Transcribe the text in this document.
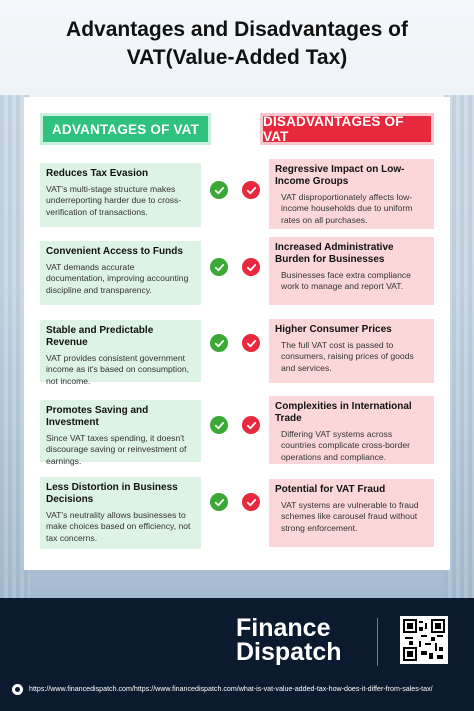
Advantages and Disadvantages of
VAT(Value-Added Tax)
ADVANTAGES OF VAT	DISADVANTAGES OF VAT
Reduces Tax Evasion
VAT's multi-stage structure makes underreporting harder due to cross-verification of transactions.
Regressive Impact on Low-Income Groups
VAT disproportionately affects low-income households due to uniform rates on all purchases.
Convenient Access to Funds
VAT demands accurate documentation, improving accounting discipline and transparency.
Increased Administrative Burden for Businesses
Businesses face extra compliance work to manage and report VAT.
Stable and Predictable Revenue
VAT provides consistent government income as it's based on consumption, not income.
Higher Consumer Prices
The full VAT cost is passed to consumers, raising prices of goods and services.
Promotes Saving and Investment
Since VAT taxes spending, it doesn't discourage saving or reinvestment of earnings.
Complexities in International Trade
Differing VAT systems across countries complicate cross-border operations and compliance.
Less Distortion in Business Decisions
VAT's neutrality allows businesses to make choices based on efficiency, not tax concerns.
Potential for VAT Fraud
VAT systems are vulnerable to fraud schemes like carousel fraud without strong enforcement.
Finance
Dispatch
https://www.financedispatch.com/https://www.financedispatch.com/what-is-vat-value-added-tax-how-does-it-differ-from-sales-tax/
